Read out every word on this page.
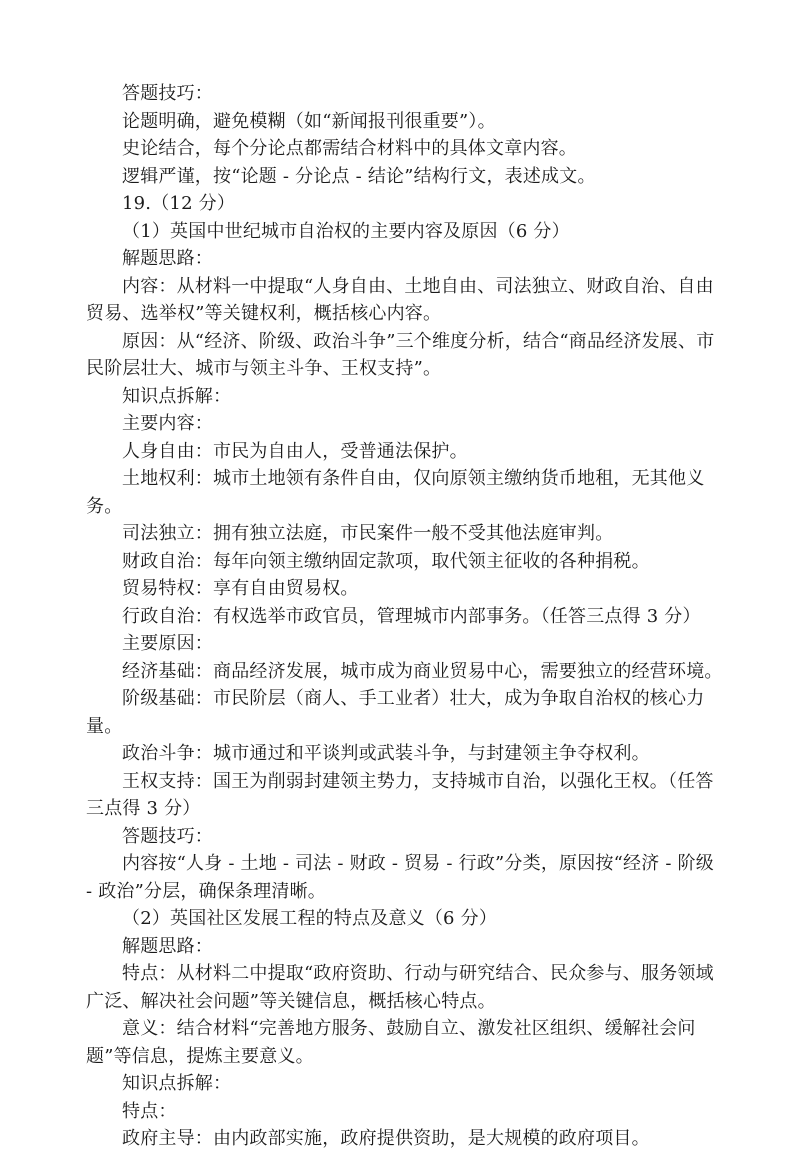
答题技巧：
论题明确，避免模糊（如“新闻报刊很重要”）。
史论结合，每个分论点都需结合材料中的具体文章内容。
逻辑严谨，按“论题 - 分论点 - 结论”结构行文，表述成文。
19.（12 分）
（1）英国中世纪城市自治权的主要内容及原因（6 分）
解题思路：
内容：从材料一中提取“人身自由、土地自由、司法独立、财政自治、自由贸易、选举权”等关键权利，概括核心内容。
原因：从“经济、阶级、政治斗争”三个维度分析，结合“商品经济发展、市民阶层壮大、城市与领主斗争、王权支持”。
知识点拆解：
主要内容：
人身自由：市民为自由人，受普通法保护。
土地权利：城市土地领有条件自由，仅向原领主缴纳货币地租，无其他义务。
司法独立：拥有独立法庭，市民案件一般不受其他法庭审判。
财政自治：每年向领主缴纳固定款项，取代领主征收的各种捐税。
贸易特权：享有自由贸易权。
行政自治：有权选举市政官员，管理城市内部事务。（任答三点得 3 分）
主要原因：
经济基础：商品经济发展，城市成为商业贸易中心，需要独立的经营环境。
阶级基础：市民阶层（商人、手工业者）壮大，成为争取自治权的核心力量。
政治斗争：城市通过和平谈判或武装斗争，与封建领主争夺权利。
王权支持：国王为削弱封建领主势力，支持城市自治，以强化王权。（任答三点得 3 分）
答题技巧：
内容按“人身 - 土地 - 司法 - 财政 - 贸易 - 行政”分类，原因按“经济 - 阶级 - 政治”分层，确保条理清晰。
（2）英国社区发展工程的特点及意义（6 分）
解题思路：
特点：从材料二中提取“政府资助、行动与研究结合、民众参与、服务领域广泛、解决社会问题”等关键信息，概括核心特点。
意义：结合材料“完善地方服务、鼓励自立、激发社区组织、缓解社会问题”等信息，提炼主要意义。
知识点拆解：
特点：
政府主导：由内政部实施，政府提供资助，是大规模的政府项目。
